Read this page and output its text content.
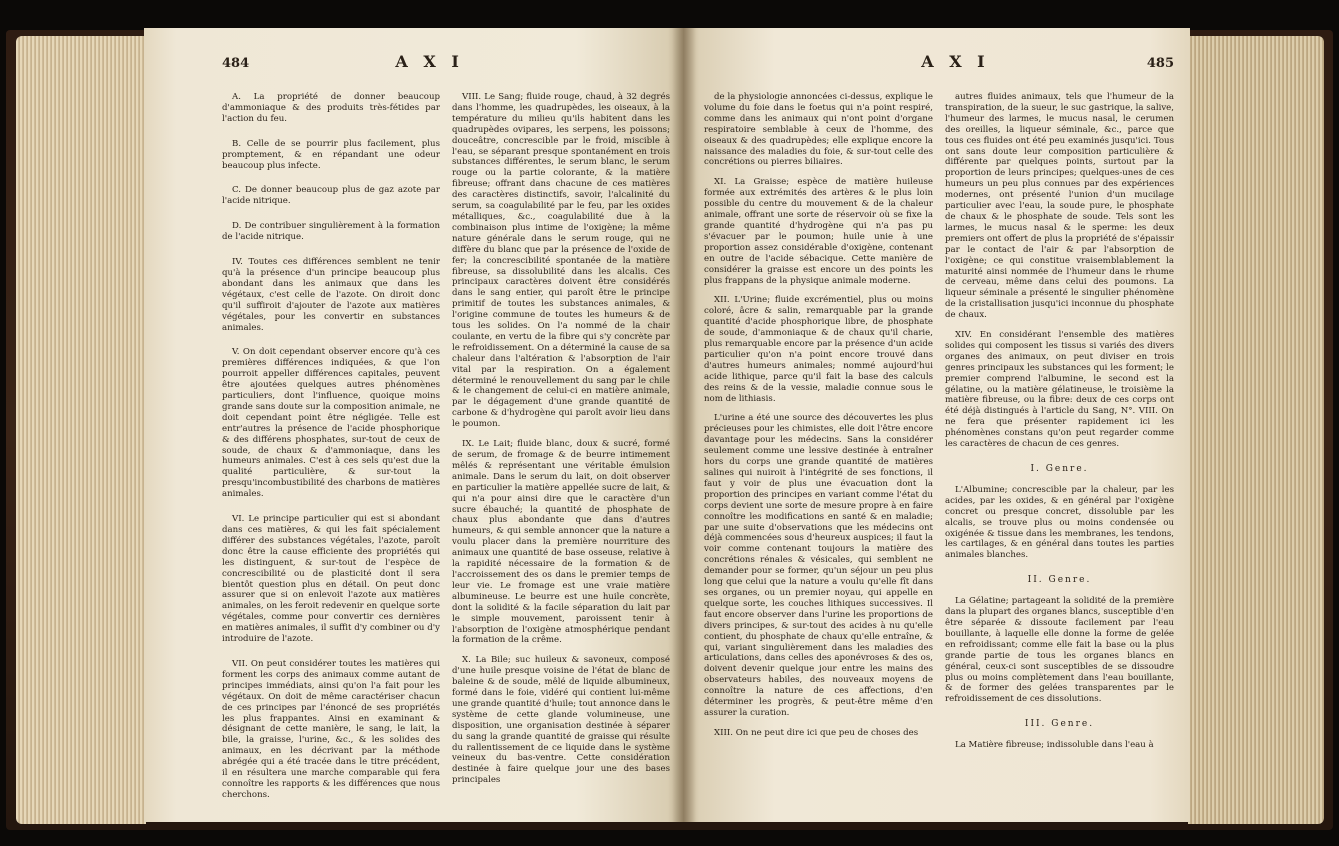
484	A X I

A. La propriété de donner beaucoup d'ammoniaque & des produits très-fétides par l'action du feu.

B. Celle de se pourrir plus facilement, plus promptement, & en répandant une odeur beaucoup plus infecte.

C. De donner beaucoup plus de gaz azote par l'acide nitrique.

D. De contribuer singulièrement à la formation de l'acide nitrique.

IV. Toutes ces différences semblent ne tenir qu'à la présence d'un principe beaucoup plus abondant dans les animaux que dans les végétaux, c'est celle de l'azote. On diroit donc qu'il suffiroit d'ajouter de l'azote aux matières végétales, pour les convertir en substances animales.

V. On doit cependant observer encore qu'à ces premières différences indiquées, & que l'on pourroit appeller différences capitales, peuvent être ajoutées quelques autres phénomènes particuliers, dont l'influence, quoique moins grande sans doute sur la composition animale, ne doit cependant point être négligée. Telle est entr'autres la présence de l'acide phosphorique & des différens phosphates, sur-tout de ceux de soude, de chaux & d'ammoniaque, dans les humeurs animales. C'est à ces sels qu'est due la qualité particulière, & sur-tout la presqu'incombustibilité des charbons de matières animales.

VI. Le principe particulier qui est si abondant dans ces matières, & qui les fait spécialement différer des substances végétales, l'azote, paroît donc être la cause efficiente des propriétés qui les distinguent, & sur-tout de l'espèce de concrescibilité ou de plasticité dont il sera bientôt question plus en détail. On peut donc assurer que si on enlevoit l'azote aux matières animales, on les feroit redevenir en quelque sorte végétales, comme pour convertir ces dernières en matières animales, il suffit d'y combiner ou d'y introduire de l'azote.

VII. On peut considérer toutes les matières qui forment les corps des animaux comme autant de principes immédiats, ainsi qu'on l'a fait pour les végétaux. On doit de même caractériser chacun de ces principes par l'énoncé de ses propriétés les plus frappantes. Ainsi en examinant & désignant de cette manière, le sang, le lait, la bile, la graisse, l'urine, &c., & les solides des animaux, en les décrivant par la méthode abrégée qui a été tracée dans le titre précédent, il en résultera une marche comparable qui fera connoître les rapports & les différences que nous cherchons.

VIII. Le Sang; fluide rouge, chaud, à 32 degrés dans l'homme, les quadrupèdes, les oiseaux, à la température du milieu qu'ils habitent dans les quadrupèdes ovipares, les serpens, les poissons; douceâtre, concrescible par le froid, miscible à l'eau, se séparant presque spontanément en trois substances différentes, le serum blanc, le serum rouge ou la partie colorante, & la matière fibreuse; offrant dans chacune de ces matières des caractères distinctifs, savoir, l'alcalinité du serum, sa coagulabilité par le feu, par les oxides métalliques, &c., coagulabilité due à la combinaison plus intime de l'oxigène; la même nature générale dans le serum rouge, qui ne diffère du blanc que par la présence de l'oxide de fer; la concrescibilité spontanée de la matière fibreuse, sa dissolubilité dans les alcalis. Ces principaux caractères doivent être considérés dans le sang entier, qui paroît être le principe primitif de toutes les substances animales, & l'origine commune de toutes les humeurs & de tous les solides. On l'a nommé de la chair coulante, en vertu de la fibre qui s'y concrète par le refroidissement. On a déterminé la cause de sa chaleur dans l'altération & l'absorption de l'air vital par la respiration. On a également déterminé le renouvellement du sang par le chile & le changement de celui-ci en matière animale, par le dégagement d'une grande quantité de carbone & d'hydrogène qui paroît avoir lieu dans le poumon.

IX. Le Lait; fluide blanc, doux & sucré, formé de serum, de fromage & de beurre intimement mêlés & représentant une véritable émulsion animale. Dans le serum du lait, on doit observer en particulier la matière appellée sucre de lait, & qui n'a pour ainsi dire que le caractère d'un sucre ébauché; la quantité de phosphate de chaux plus abondante que dans d'autres humeurs, & qui semble annoncer que la nature a voulu placer dans la première nourriture des animaux une quantité de base osseuse, relative à la rapidité nécessaire de la formation & de l'accroissement des os dans le premier temps de leur vie. Le fromage est une vraie matière albumineuse. Le beurre est une huile concrète, dont la solidité & la facile séparation du lait par le simple mouvement, paroissent tenir à l'absorption de l'oxigène atmosphérique pendant la formation de la crême.

X. La Bile; suc huileux & savoneux, composé d'une huile presque voisine de l'état de blanc de baleine & de soude, mêlé de liquide albumineux, formé dans le foie, vidéré qui contient lui-même une grande quantité d'huile; tout annonce dans le système de cette glande volumineuse, une disposition, une organisation destinée à séparer du sang la grande quantité de graisse qui résulte du rallentissement de ce liquide dans le système veineux du bas-ventre. Cette considération destinée à faire quelque jour une des bases principales

A X I	485

de la physiologie annoncées ci-dessus, explique le volume du foie dans le foetus qui n'a point respiré, comme dans les animaux qui n'ont point d'organe respiratoire semblable à ceux de l'homme, des oiseaux & des quadrupèdes; elle explique encore la naissance des maladies du foie, & sur-tout celle des concrétions ou pierres biliaires.

XI. La Graisse; espèce de matière huileuse formée aux extrémités des artères & le plus loin possible du centre du mouvement & de la chaleur animale, offrant une sorte de réservoir où se fixe la grande quantité d'hydrogène qui n'a pas pu s'évacuer par le poumon; huile unie à une proportion assez considérable d'oxigène, contenant en outre de l'acide sébacique. Cette manière de considérer la graisse est encore un des points les plus frappans de la physique animale moderne.

XII. L'Urine; fluide excrémentiel, plus ou moins coloré, âcre & salin, remarquable par la grande quantité d'acide phosphorique libre, de phosphate de soude, d'ammoniaque & de chaux qu'il charie, plus remarquable encore par la présence d'un acide particulier qu'on n'a point encore trouvé dans d'autres humeurs animales; nommé aujourd'hui acide lithique, parce qu'il fait la base des calculs des reins & de la vessie, maladie connue sous le nom de lithiasis.

L'urine a été une source des découvertes les plus précieuses pour les chimistes, elle doit l'être encore davantage pour les médecins. Sans la considérer seulement comme une lessive destinée à entraîner hors du corps une grande quantité de matières salines qui nuiroit à l'intégrité de ses fonctions, il faut y voir de plus une évacuation dont la proportion des principes en variant comme l'état du corps devient une sorte de mesure propre à en faire connoître les modifications en santé & en maladie; par une suite d'observations que les médecins ont déjà commencées sous d'heureux auspices; il faut la voir comme contenant toujours la matière des concrétions rénales & vésicales, qui semblent ne demander pour se former, qu'un séjour un peu plus long que celui que la nature a voulu qu'elle fît dans ses organes, ou un premier noyau, qui appelle en quelque sorte, les couches lithiques successives. Il faut encore observer dans l'urine les proportions de divers principes, & sur-tout des acides à nu qu'elle contient, du phosphate de chaux qu'elle entraîne, & qui, variant singulièrement dans les maladies des articulations, dans celles des aponévroses & des os, doivent devenir quelque jour entre les mains des observateurs habiles, des nouveaux moyens de connoître la nature de ces affections, d'en déterminer les progrès, & peut-être même d'en assurer la curation.

XIII. On ne peut dire ici que peu de choses des

autres fluides animaux, tels que l'humeur de la transpiration, de la sueur, le suc gastrique, la salive, l'humeur des larmes, le mucus nasal, le cerumen des oreilles, la liqueur séminale, &c., parce que tous ces fluides ont été peu examinés jusqu'ici. Tous ont sans doute leur composition particulière & différente par quelques points, surtout par la proportion de leurs principes; quelques-unes de ces humeurs un peu plus connues par des expériences modernes, ont présenté l'union d'un mucilage particulier avec l'eau, la soude pure, le phosphate de chaux & le phosphate de soude. Tels sont les larmes, le mucus nasal & le sperme: les deux premiers ont offert de plus la propriété de s'épaissir par le contact de l'air & par l'absorption de l'oxigène; ce qui constitue vraisemblablement la maturité ainsi nommée de l'humeur dans le rhume de cerveau, même dans celui des poumons. La liqueur séminale a présenté le singulier phénomène de la cristallisation jusqu'ici inconnue du phosphate de chaux.

XIV. En considérant l'ensemble des matières solides qui composent les tissus si variés des divers organes des animaux, on peut diviser en trois genres principaux les substances qui les forment; le premier comprend l'albumine, le second est la gélatine, ou la matière gélatineuse, le troisième la matière fibreuse, ou la fibre: deux de ces corps ont été déjà distingués à l'article du Sang, N°. VIII. On ne fera que présenter rapidement ici les phénomènes constans qu'on peut regarder comme les caractères de chacun de ces genres.

I. Genre.

L'Albumine; concrescible par la chaleur, par les acides, par les oxides, & en général par l'oxigène concret ou presque concret, dissoluble par les alcalis, se trouve plus ou moins condensée ou oxigénée & tissue dans les membranes, les tendons, les cartilages, & en général dans toutes les parties animales blanches.

II. Genre.

La Gélatine; partageant la solidité de la première dans la plupart des organes blancs, susceptible d'en être séparée & dissoute facilement par l'eau bouillante, à laquelle elle donne la forme de gelée en refroidissant; comme elle fait la base ou la plus grande partie de tous les organes blancs en général, ceux-ci sont susceptibles de se dissoudre plus ou moins complètement dans l'eau bouillante, & de former des gelées transparentes par le refroidissement de ces dissolutions.

III. Genre.

La Matière fibreuse; indissoluble dans l'eau à
